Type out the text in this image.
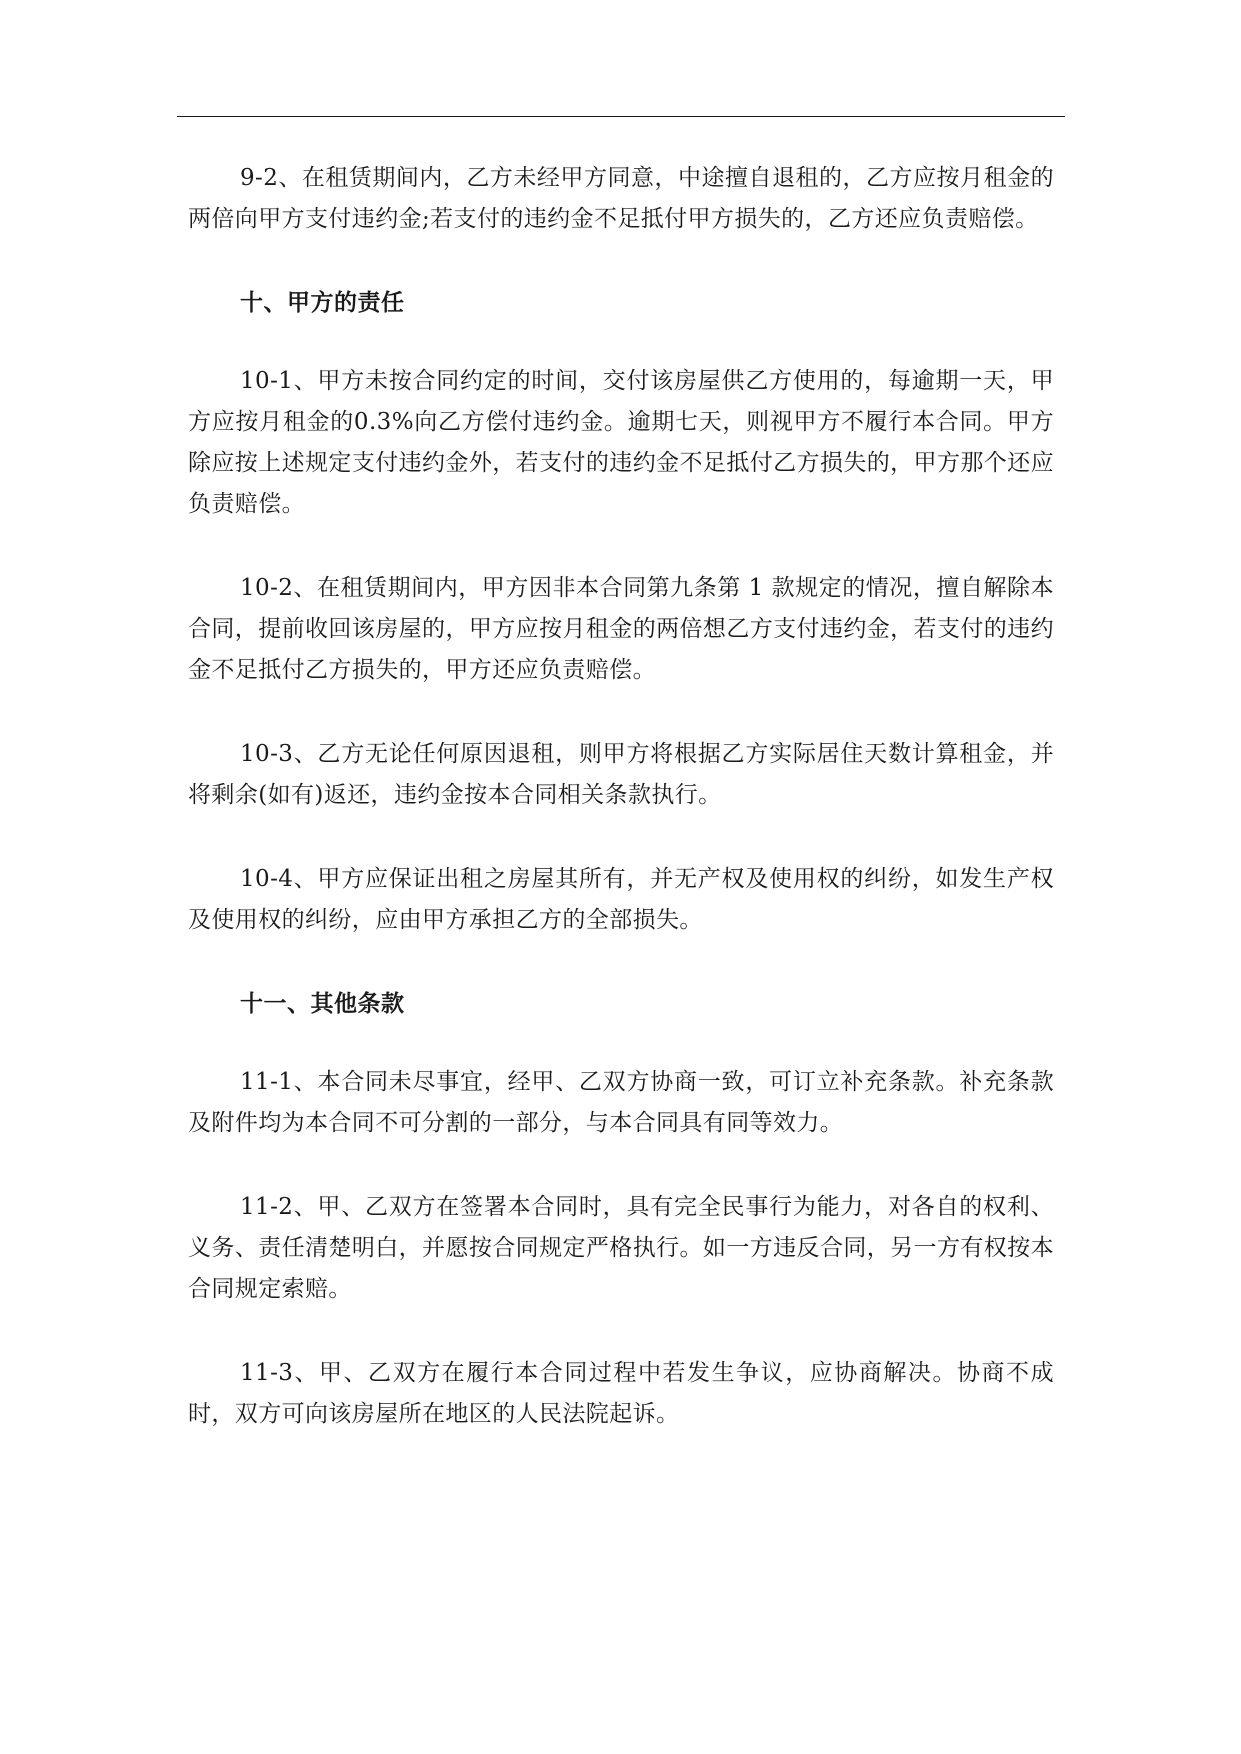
9-2、在租赁期间内，乙方未经甲方同意，中途擅自退租的，乙方应按月租金的两倍向甲方支付违约金;若支付的违约金不足抵付甲方损失的，乙方还应负责赔偿。

十、甲方的责任

10-1、甲方未按合同约定的时间，交付该房屋供乙方使用的，每逾期一天，甲方应按月租金的0.3%向乙方偿付违约金。逾期七天，则视甲方不履行本合同。甲方除应按上述规定支付违约金外，若支付的违约金不足抵付乙方损失的，甲方那个还应负责赔偿。

10-2、在租赁期间内，甲方因非本合同第九条第 1 款规定的情况，擅自解除本合同，提前收回该房屋的，甲方应按月租金的两倍想乙方支付违约金，若支付的违约金不足抵付乙方损失的，甲方还应负责赔偿。

10-3、乙方无论任何原因退租，则甲方将根据乙方实际居住天数计算租金，并将剩余(如有)返还，违约金按本合同相关条款执行。

10-4、甲方应保证出租之房屋其所有，并无产权及使用权的纠纷，如发生产权及使用权的纠纷，应由甲方承担乙方的全部损失。

十一、其他条款

11-1、本合同未尽事宜，经甲、乙双方协商一致，可订立补充条款。补充条款及附件均为本合同不可分割的一部分，与本合同具有同等效力。

11-2、甲、乙双方在签署本合同时，具有完全民事行为能力，对各自的权利、义务、责任清楚明白，并愿按合同规定严格执行。如一方违反合同，另一方有权按本合同规定索赔。

11-3、甲、乙双方在履行本合同过程中若发生争议，应协商解决。协商不成时，双方可向该房屋所在地区的人民法院起诉。
